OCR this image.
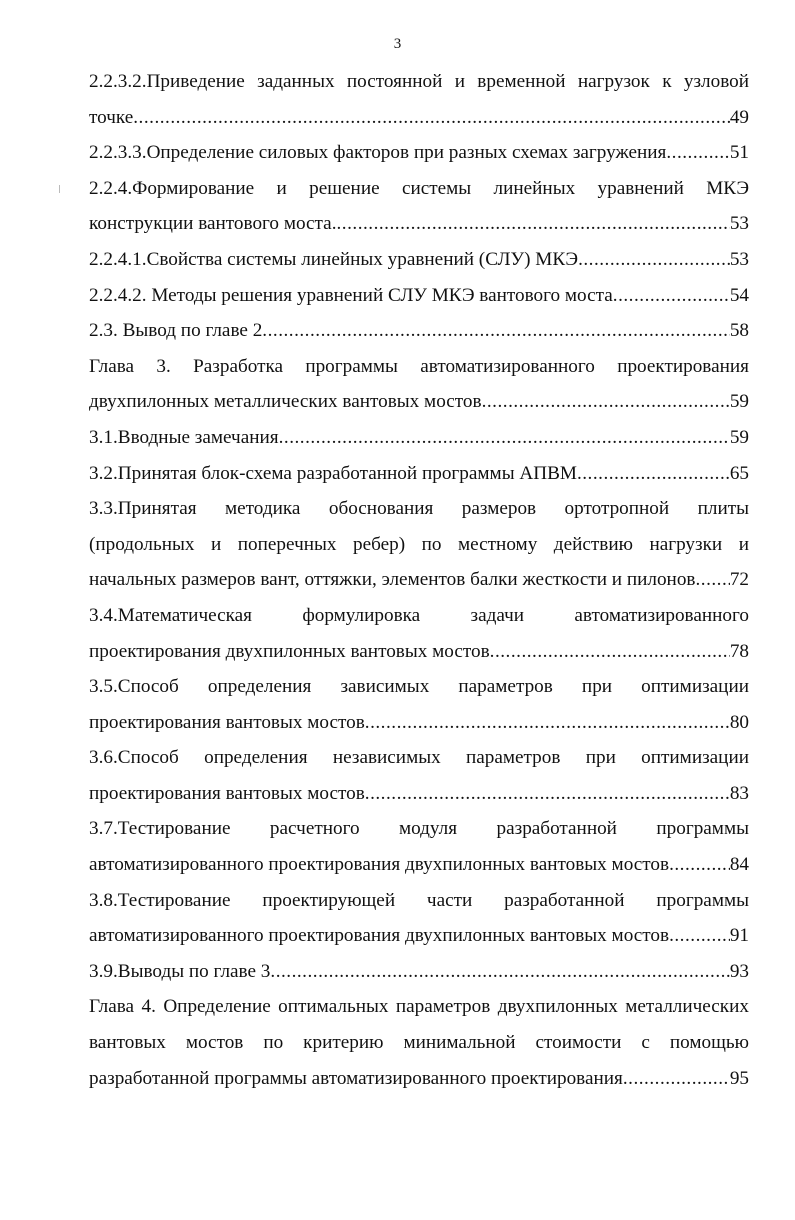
3
2.2.3.2.Приведение заданных постоянной и временной нагрузок к узловой
точке .....	49
2.2.3.3.Определение силовых факторов при разных схемах загружения .....	51
2.2.4.Формирование и решение системы линейных уравнений МКЭ
конструкции вантового моста. .....	53
2.2.4.1.Свойства системы линейных уравнений (СЛУ) МКЭ .....	53
2.2.4.2. Методы решения уравнений СЛУ МКЭ вантового моста .....	54
2.3. Вывод по главе 2 .....	58
Глава 3. Разработка программы автоматизированного проектирования
двухпилонных металлических вантовых мостов .....	59
3.1.Вводные замечания .....	59
3.2.Принятая блок-схема разработанной программы АПВМ .....	65
3.3.Принятая методика обоснования размеров ортотропной плиты
(продольных и поперечных ребер) по местному действию нагрузки и
начальных размеров вант, оттяжки, элементов балки жесткости и пилонов ..... 72
3.4.Математическая формулировка задачи автоматизированного
проектирования двухпилонных вантовых мостов .....	78
3.5.Способ определения зависимых параметров при оптимизации
проектирования вантовых мостов .....	80
3.6.Способ определения независимых параметров при оптимизации
проектирования вантовых мостов .....	83
3.7.Тестирование расчетного модуля разработанной программы
автоматизированного проектирования двухпилонных вантовых мостов .....	84
3.8.Тестирование проектирующей части разработанной программы
автоматизированного проектирования двухпилонных вантовых мостов .....	91
3.9.Выводы по главе 3 .....	93
Глава 4. Определение оптимальных параметров двухпилонных металлических
вантовых мостов по критерию минимальной стоимости с помощью
разработанной программы автоматизированного проектирования .....	95
